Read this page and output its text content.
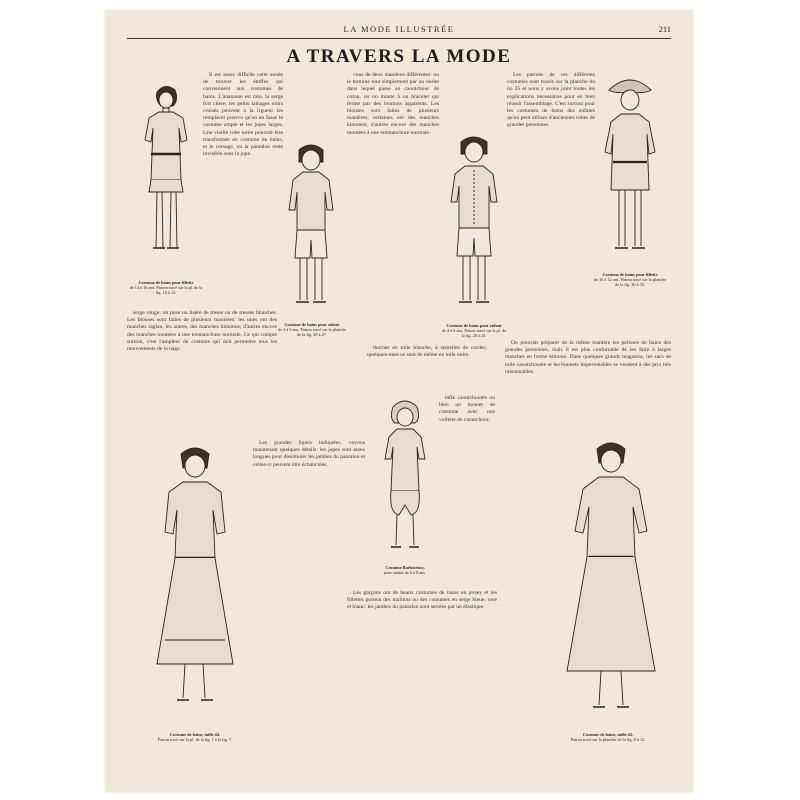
LA MODE ILLUSTRÉE	211
A TRAVERS LA MODE
Costume de bains pour fillette
de 14 à 16 ans. Patron tracé sur la pl. de la fig. 10 à 15.
Costume de bains pour enfant
de 4 à 6 ans. Patron tracé sur la planche de la fig. 20 à 27.
Costume de bains pour enfant
de 4 à 6 ans. Patron tracé sur la pl. de la fig. 20 à 23.
Costume de bains pour fillette
de 10 à 12 ans. Patron tracé sur la planche de la fig. 30 à 35.
Costume de bains, taille 44.
Patron tracé sur la pl. de la fig. 1 à la fig. 7.
Costume Barboteuse,
pour enfant de 6 à 8 ans.
Costume de bains, taille 42.
Patron tracé sur la planche de la fig. 8 à 12.

Il est assez difficile cette année de trouver les étoffes qui conviennent aux costumes de bains. L'ananasse est rare, la serge fort chère; les petits lainages noirs croisés peuvent à la rigueur les remplacer pourvu qu'on en fasse le costume ample et les jupes larges. Une vieille robe noire pourrait être transformée en costume de bains, et le corsage, ou la pantalon reste invisible sous la jupe.

serge rouge; on pose un liséré de tresse ou de tresses blanches. Les blouses sont faites de plusieurs manières: les unes ont des manches raglan, les autres, des manches kimonos; d'autres encore des manches montées à une emmanchure normale. Ce qui compte surtout, c'est l'ampleur du costume qui doit permettre tous les mouvements de la nage.

vous de deux manières différentes: ou le termine tout simplement par un ourlet dans lequel passe un caoutchouc de coton, ou on monte à un bracelet qui ferme par des boutons apparents. Les blouses sont faites de plusieurs manières; certaines ont des manches kimonos; d'autres encore des manches montées à une emmanchure normale.

Les patrons de ces différents costumes sont tracés sur la planche du no 25 et nous y avons joint toutes les explications nécessaires pour en bien réussir l'assemblage. C'est surtout pour les costumes de bains des enfants qu'on peut utiliser d'anciennes robes de grandes personnes.

Les grandes lignes indiquées, voyons maintenant quelques détails: les jupes sont assez longues pour dissimuler les jambes du pantalon et celles-ci peuvent être échancrées.

thornes en toile blanche, à semelles de cordes; quelques-unes se sont de même en toile noire.

taffe caoutchoutée ou bien un bonnet de cretonne avec une voilette de caoutchouc.

Les garçons ont de beaux costumes de bains en jersey et les fillettes portent des maillots ou des costumes en serge bleue, rose et blanc; les jambes du pantalon sont serrées par un élastique.

On pourrait préparer de la même manière les pelisses de bains des grandes personnes, mais il est plus confortable de les faire à larges manches en forme kimono. Dans quelques grands magasins, les sacs de toile caoutchoutée et les bonnets imperméables se vendent à des prix très raisonnables.
